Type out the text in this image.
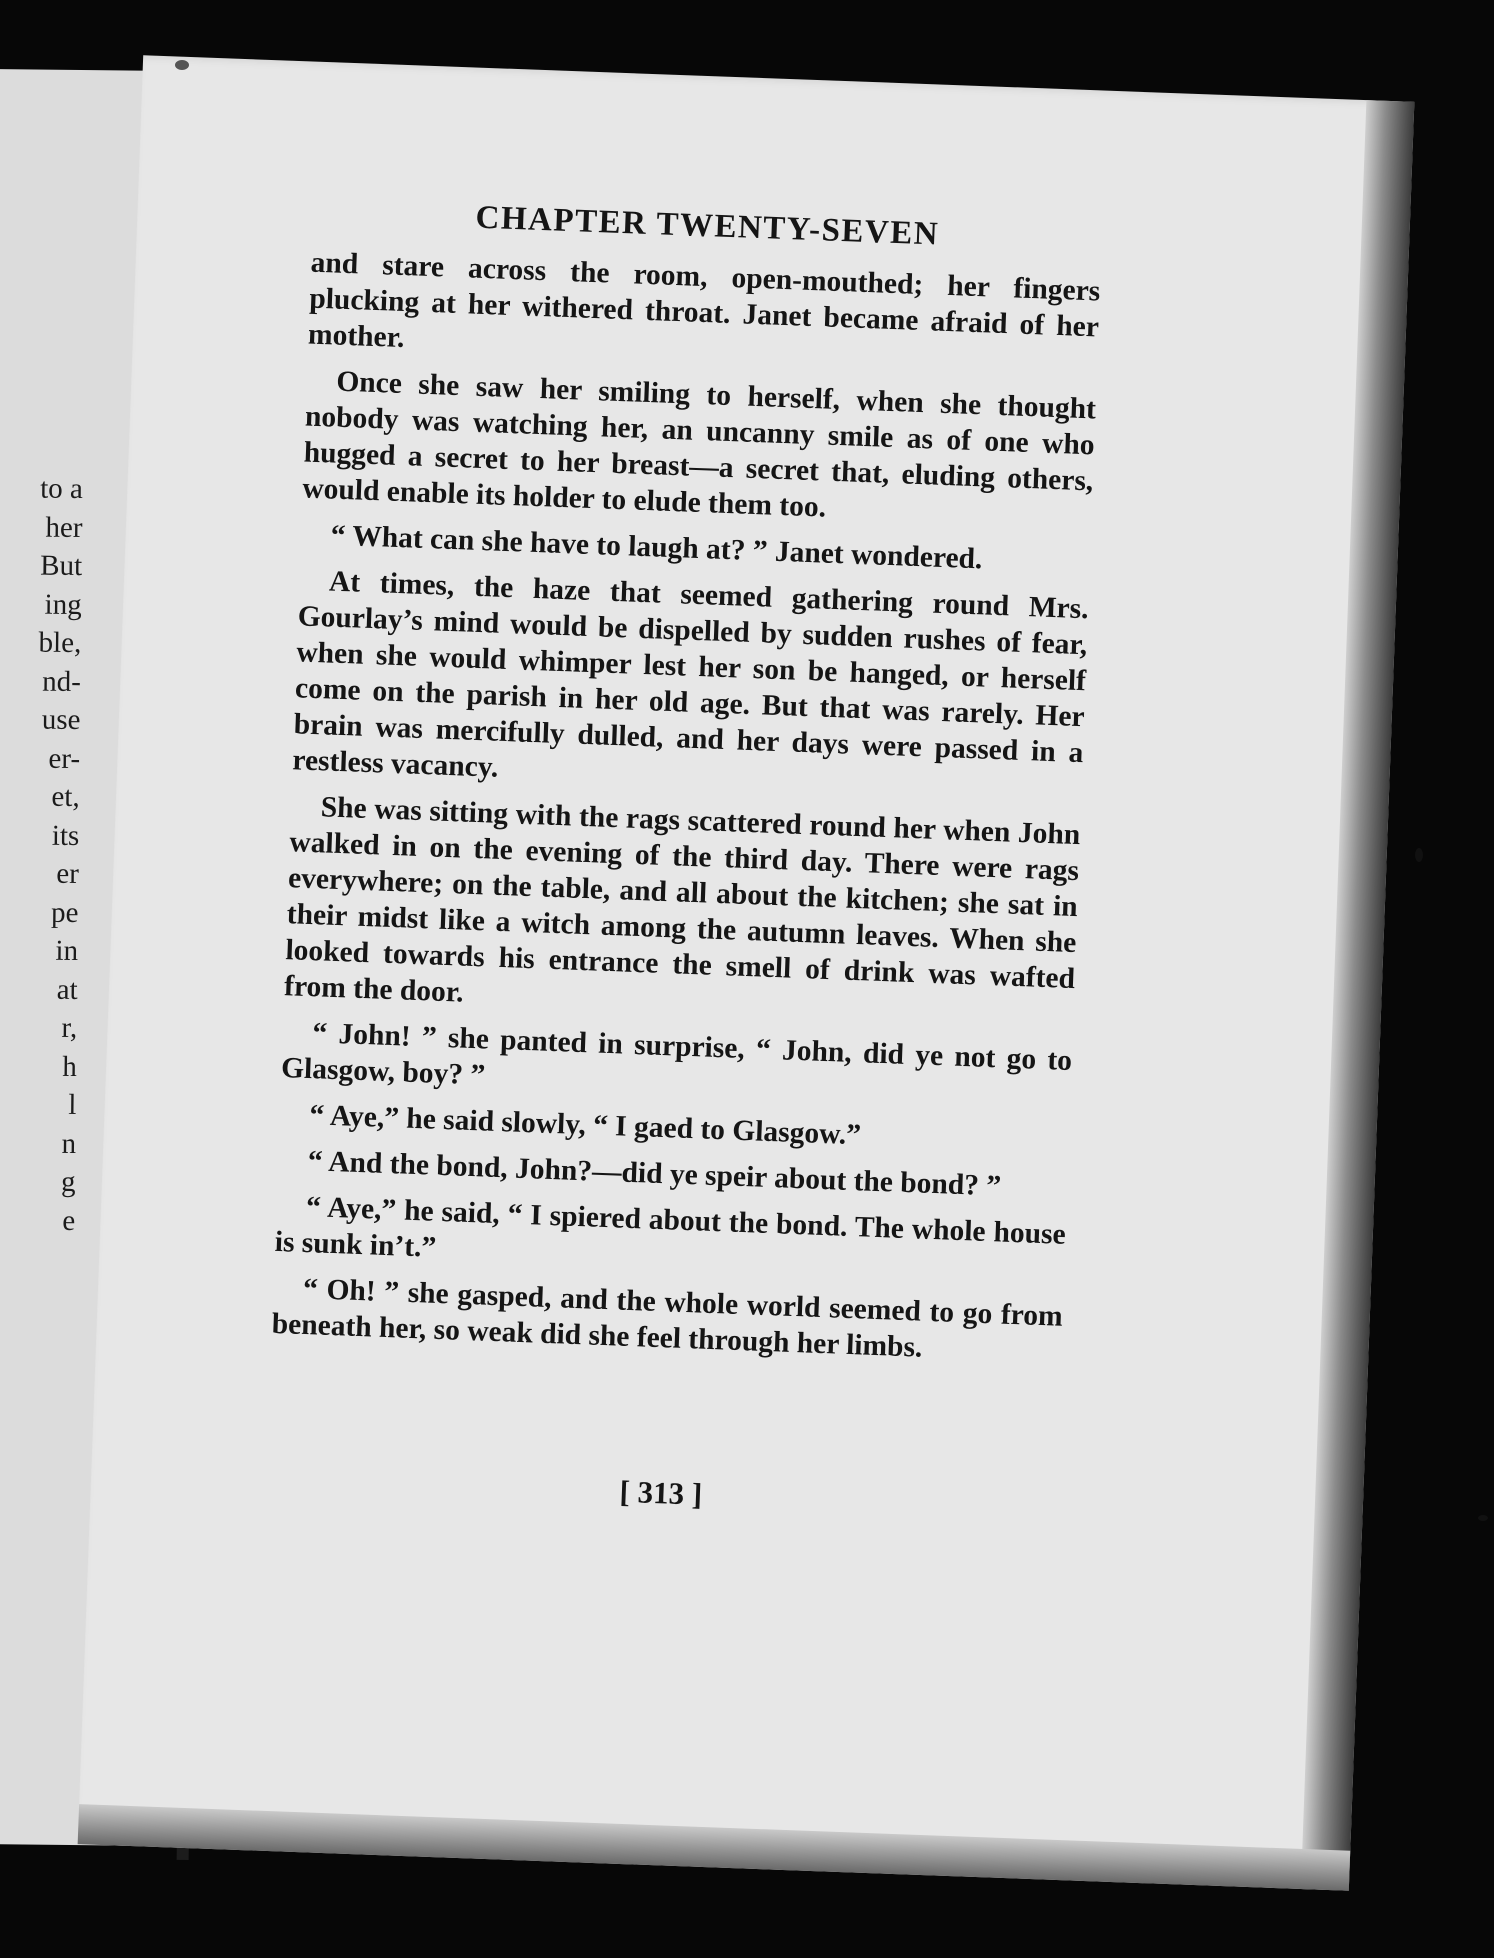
to a
her
But
ing
ble,
nd-
use
er-
et,
its
er
pe
in
at
r,
h
l
n
g
e
CHAPTER TWENTY-SEVEN

and stare across the room, open-mouthed; her fingers plucking at her withered throat. Janet became afraid of her mother.

Once she saw her smiling to herself, when she thought nobody was watching her, an uncanny smile as of one who hugged a secret to her breast—a secret that, eluding others, would enable its holder to elude them too.

“ What can she have to laugh at? ” Janet wondered.

At times, the haze that seemed gathering round Mrs. Gourlay’s mind would be dispelled by sudden rushes of fear, when she would whimper lest her son be hanged, or herself come on the parish in her old age. But that was rarely. Her brain was mercifully dulled, and her days were passed in a restless vacancy.

She was sitting with the rags scattered round her when John walked in on the evening of the third day. There were rags everywhere; on the table, and all about the kitchen; she sat in their midst like a witch among the autumn leaves. When she looked towards his entrance the smell of drink was wafted from the door.

“ John! ” she panted in surprise, “ John, did ye not go to Glasgow, boy? ”

“ Aye,” he said slowly, “ I gaed to Glasgow.”

“ And the bond, John?—did ye speir about the bond? ”

“ Aye,” he said, “ I spiered about the bond. The whole house is sunk in’t.”

“ Oh! ” she gasped, and the whole world seemed to go from beneath her, so weak did she feel through her limbs.

[ 313 ]
